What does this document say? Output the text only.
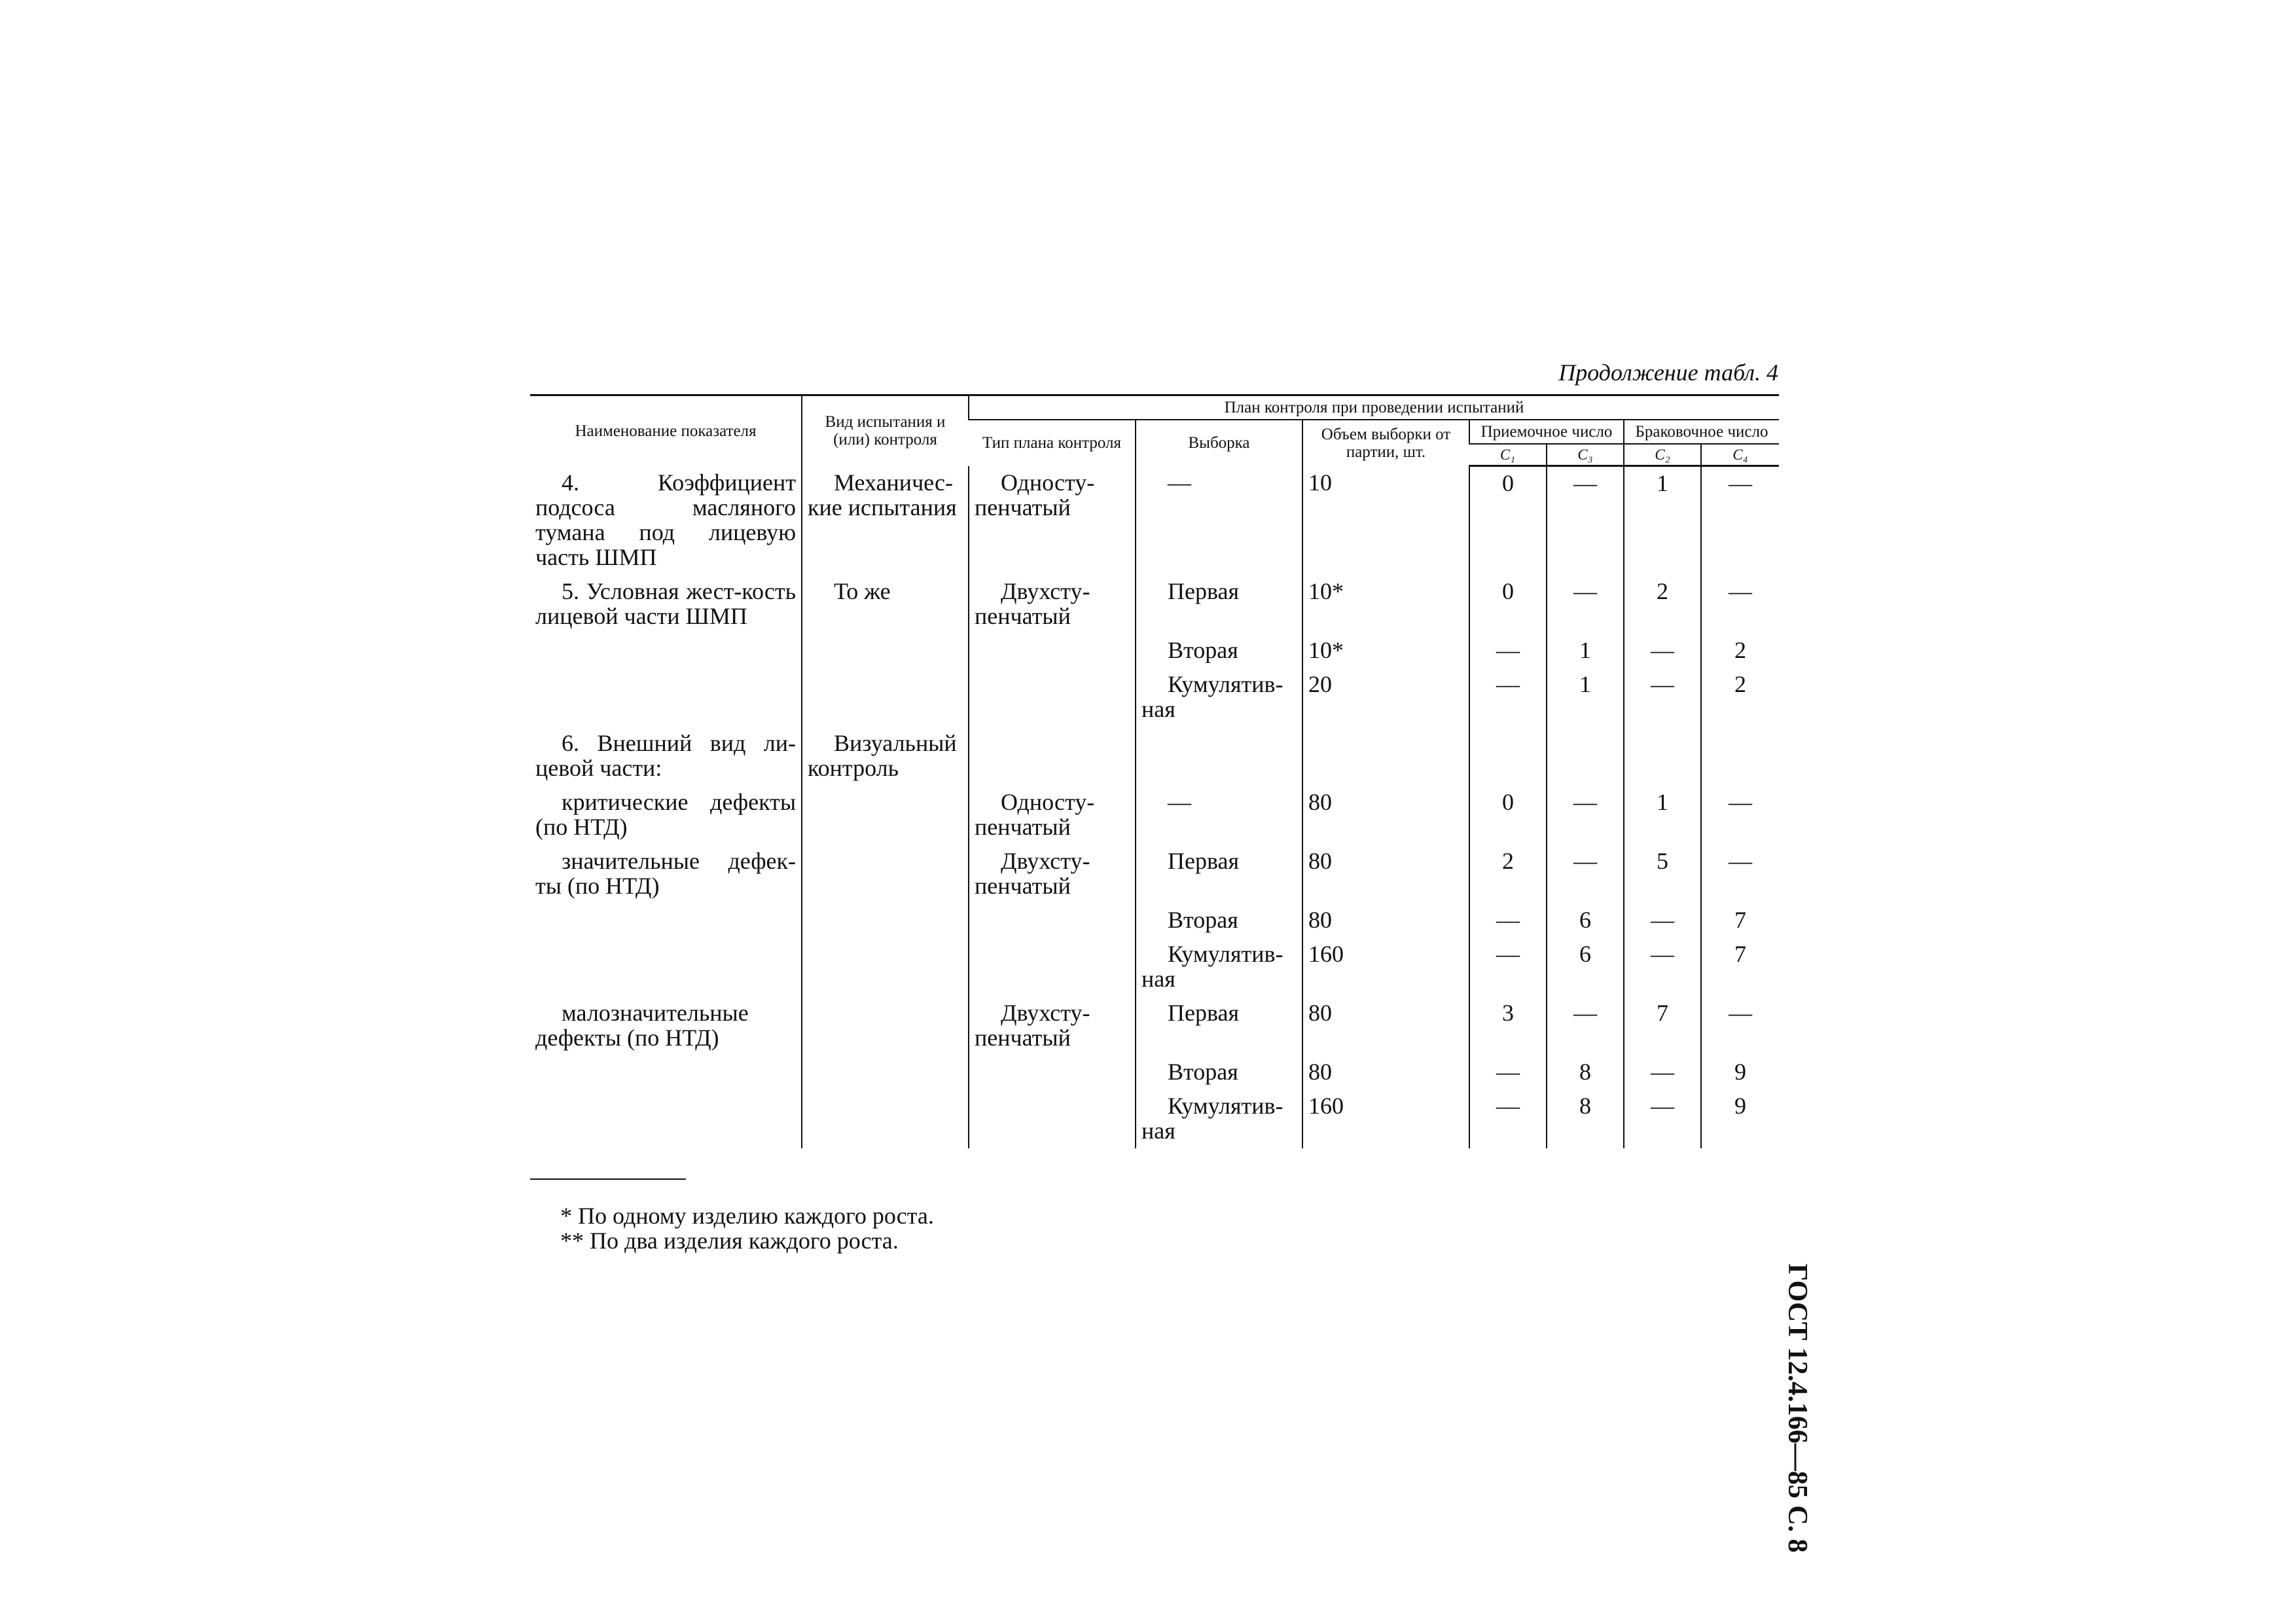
Продолжение табл. 4
Наименование показателя	Вид испытания и (или) контроля	План контроля при проведении испытаний						
		Тип плана контроля	Выборка	Объем выборки от партии, шт.	Приемочное число		Браковочное число	
					C₁	C₃	C₂	C₄
4. Коэффициент подсоса масляного тумана под лицевую часть ШМП	Механичес-кие испытания	Односту-пенчатый	—	10	0	—	1	—
5. Условная жест-кость лицевой части ШМП	То же	Двухсту-пенчатый	Первая	10*	0	—	2	—
			Вторая	10*	—	1	—	2
			Кумулятив-ная	20	—	1	—	2
6. Внешний вид ли-цевой части:	Визуальный контроль							
критические дефекты (по НТД)		Односту-пенчатый	—	80	0	—	1	—
значительные дефек-ты (по НТД)		Двухсту-пенчатый	Первая	80	2	—	5	—
			Вторая	80	—	6	—	7
			Кумулятив-ная	160	—	6	—	7
малозначительные дефекты (по НТД)		Двухсту-пенчатый	Первая	80	3	—	7	—
			Вторая	80	—	8	—	9
			Кумулятив-ная	160	—	8	—	9
* По одному изделию каждого роста.
** По два изделия каждого роста.
ГОСТ 12.4.166—85 С. 8
